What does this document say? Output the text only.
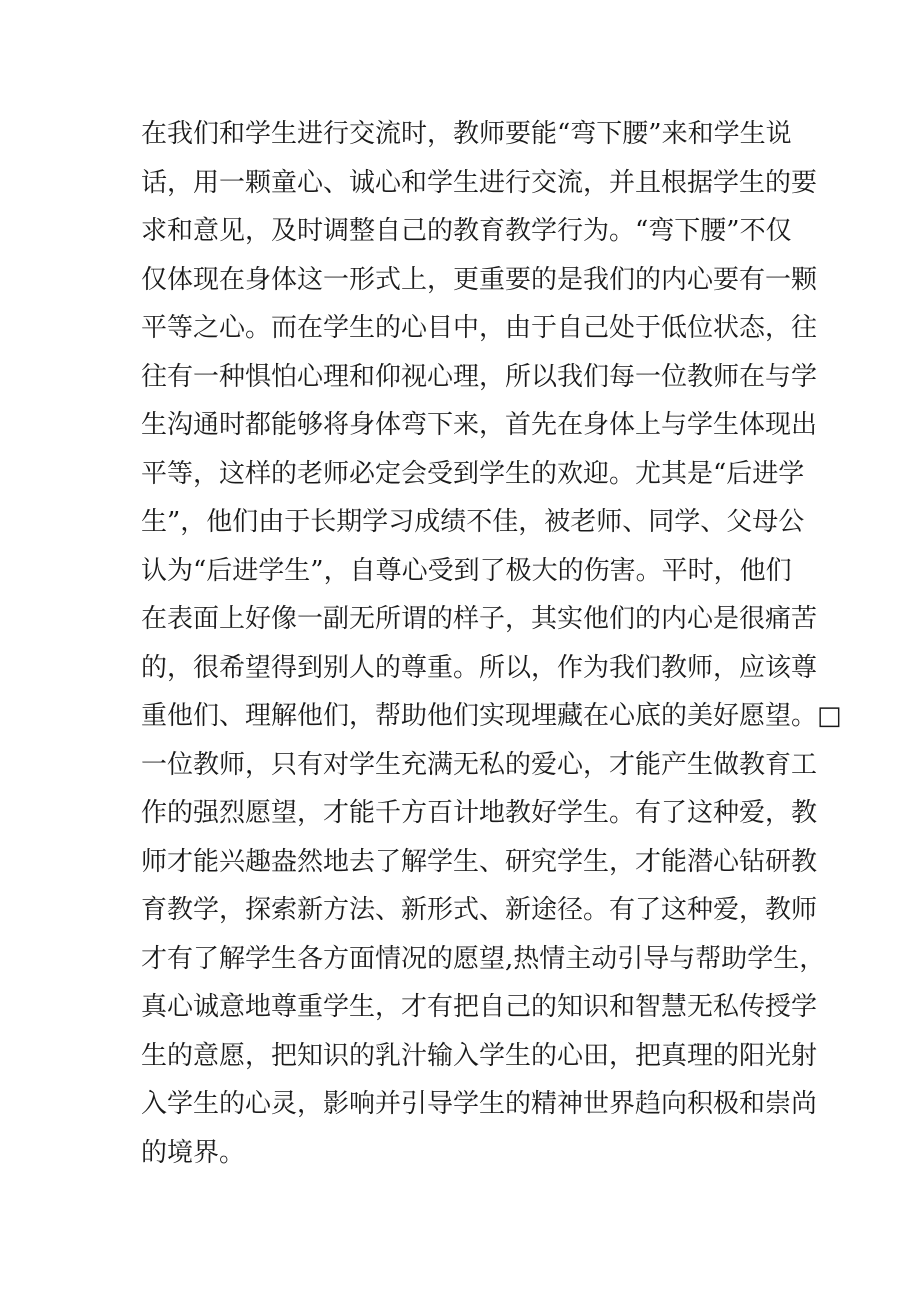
在我们和学生进行交流时，教师要能“弯下腰”来和学生说
话，用一颗童心、诚心和学生进行交流，并且根据学生的要
求和意见，及时调整自己的教育教学行为。“弯下腰”不仅
仅体现在身体这一形式上，更重要的是我们的内心要有一颗
平等之心。而在学生的心目中，由于自己处于低位状态，往
往有一种惧怕心理和仰视心理，所以我们每一位教师在与学
生沟通时都能够将身体弯下来，首先在身体上与学生体现出
平等，这样的老师必定会受到学生的欢迎。尤其是“后进学
生”，他们由于长期学习成绩不佳，被老师、同学、父母公
认为“后进学生”，自尊心受到了极大的伤害。平时，他们
在表面上好像一副无所谓的样子，其实他们的内心是很痛苦
的，很希望得到别人的尊重。所以，作为我们教师，应该尊
重他们、理解他们，帮助他们实现埋藏在心底的美好愿望。□
一位教师，只有对学生充满无私的爱心，才能产生做教育工
作的强烈愿望，才能千方百计地教好学生。有了这种爱，教
师才能兴趣盎然地去了解学生、研究学生，才能潜心钻研教
育教学，探索新方法、新形式、新途径。有了这种爱，教师
才有了解学生各方面情况的愿望,热情主动引导与帮助学生，
真心诚意地尊重学生，才有把自己的知识和智慧无私传授学
生的意愿，把知识的乳汁输入学生的心田，把真理的阳光射
入学生的心灵，影响并引导学生的精神世界趋向积极和崇尚
的境界。
